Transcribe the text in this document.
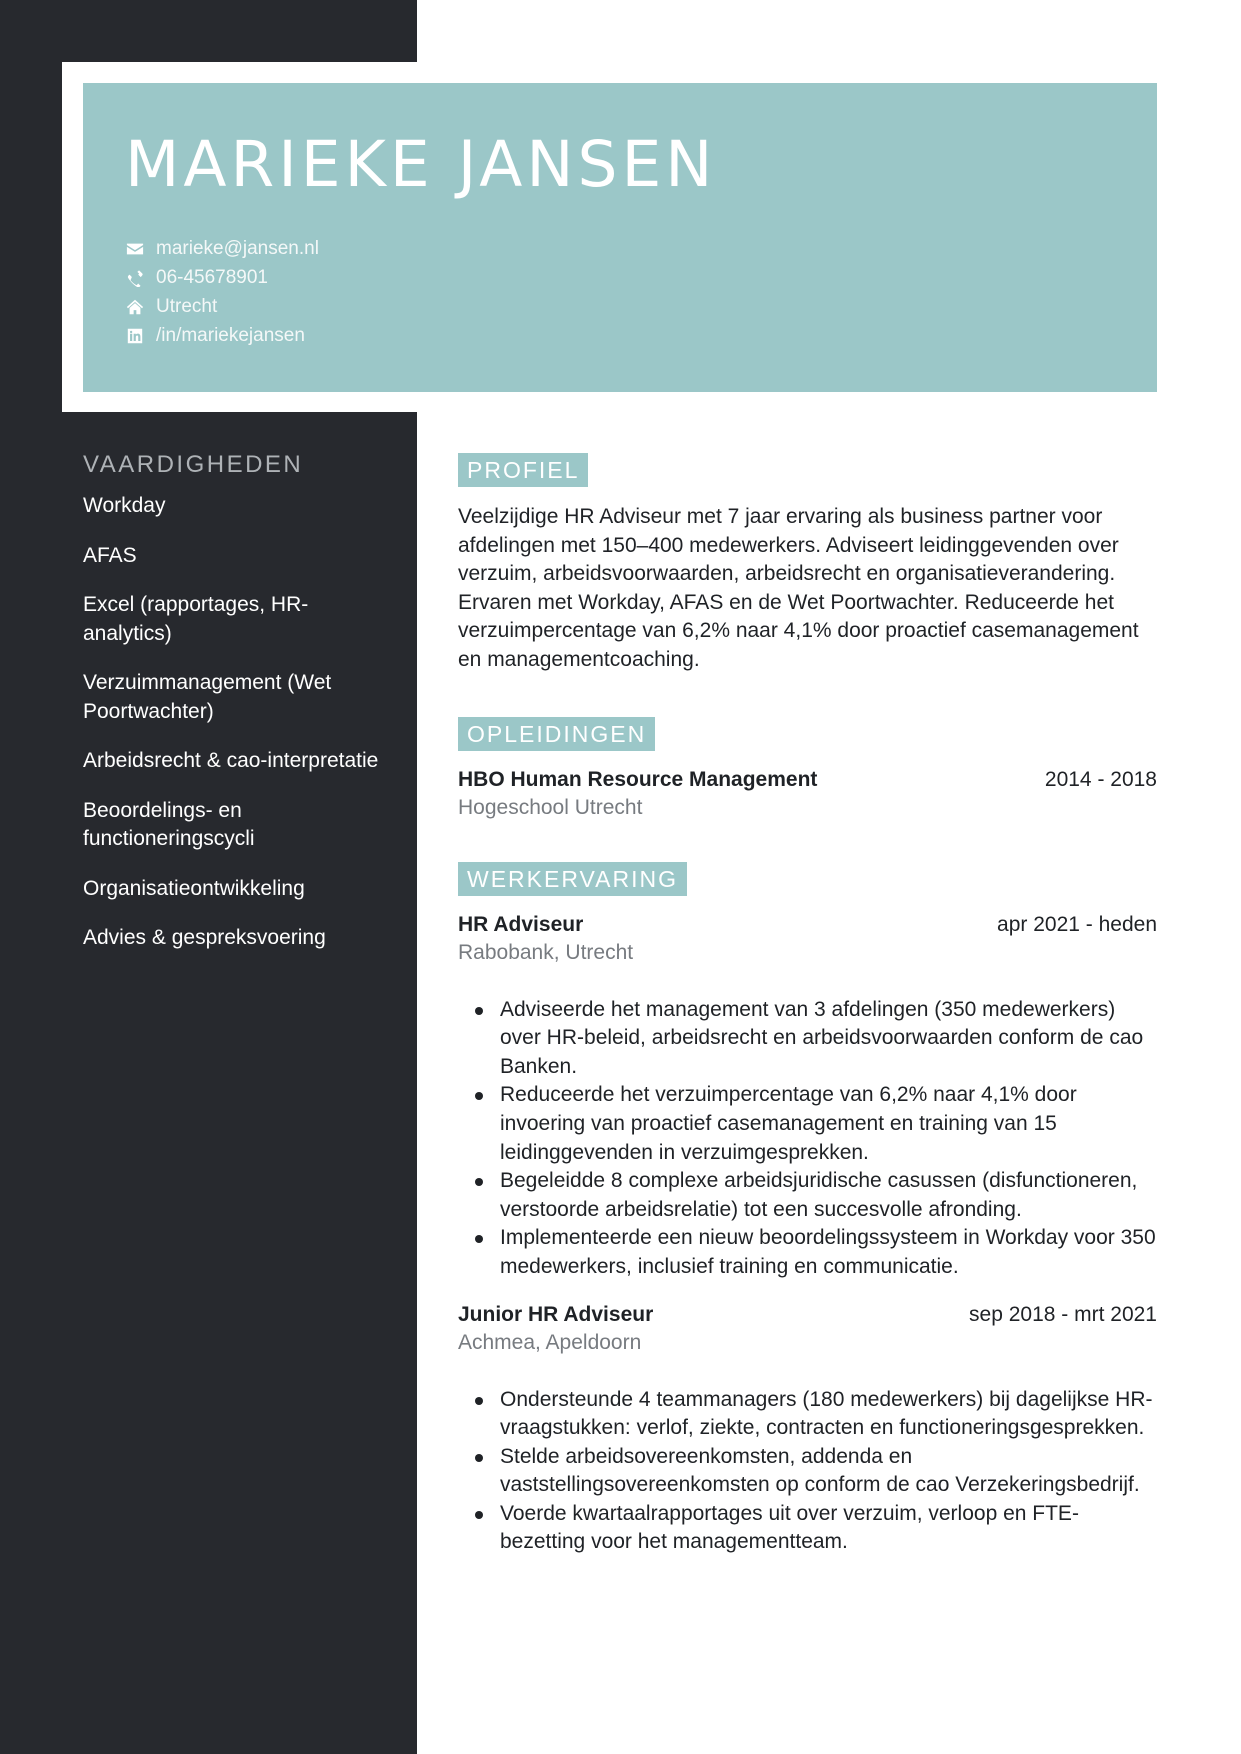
MARIEKE JANSEN
marieke@jansen.nl
06-45678901
Utrecht
/in/mariekejansen
VAARDIGHEDEN
Workday
AFAS
Excel (rapportages, HR-analytics)
Verzuimmanagement (Wet Poortwachter)
Arbeidsrecht & cao-interpretatie
Beoordelings- en functioneringscycli
Organisatieontwikkeling
Advies & gespreksvoering
PROFIEL

Veelzijdige HR Adviseur met 7 jaar ervaring als business partner voor afdelingen met 150–400 medewerkers. Adviseert leidinggevenden over verzuim, arbeidsvoorwaarden, arbeidsrecht en organisatieverandering. Ervaren met Workday, AFAS en de Wet Poortwachter. Reduceerde het verzuimpercentage van 6,2% naar 4,1% door proactief casemanagement en managementcoaching.

OPLEIDINGEN
HBO Human Resource Management	2014 - 2018
Hogeschool Utrecht
WERKERVARING
HR Adviseur	apr 2021 - heden
Rabobank, Utrecht
Adviseerde het management van 3 afdelingen (350 medewerkers) over HR-beleid, arbeidsrecht en arbeidsvoorwaarden conform de cao Banken.
Reduceerde het verzuimpercentage van 6,2% naar 4,1% door invoering van proactief casemanagement en training van 15 leidinggevenden in verzuimgesprekken.
Begeleidde 8 complexe arbeidsjuridische casussen (disfunctioneren, verstoorde arbeidsrelatie) tot een succesvolle afronding.
Implementeerde een nieuw beoordelingssysteem in Workday voor 350 medewerkers, inclusief training en communicatie.
Junior HR Adviseur	sep 2018 - mrt 2021
Achmea, Apeldoorn
Ondersteunde 4 teammanagers (180 medewerkers) bij dagelijkse HR-vraagstukken: verlof, ziekte, contracten en functioneringsgesprekken.
Stelde arbeidsovereenkomsten, addenda en vaststellingsovereenkomsten op conform de cao Verzekeringsbedrijf.
Voerde kwartaalrapportages uit over verzuim, verloop en FTE-bezetting voor het managementteam.
